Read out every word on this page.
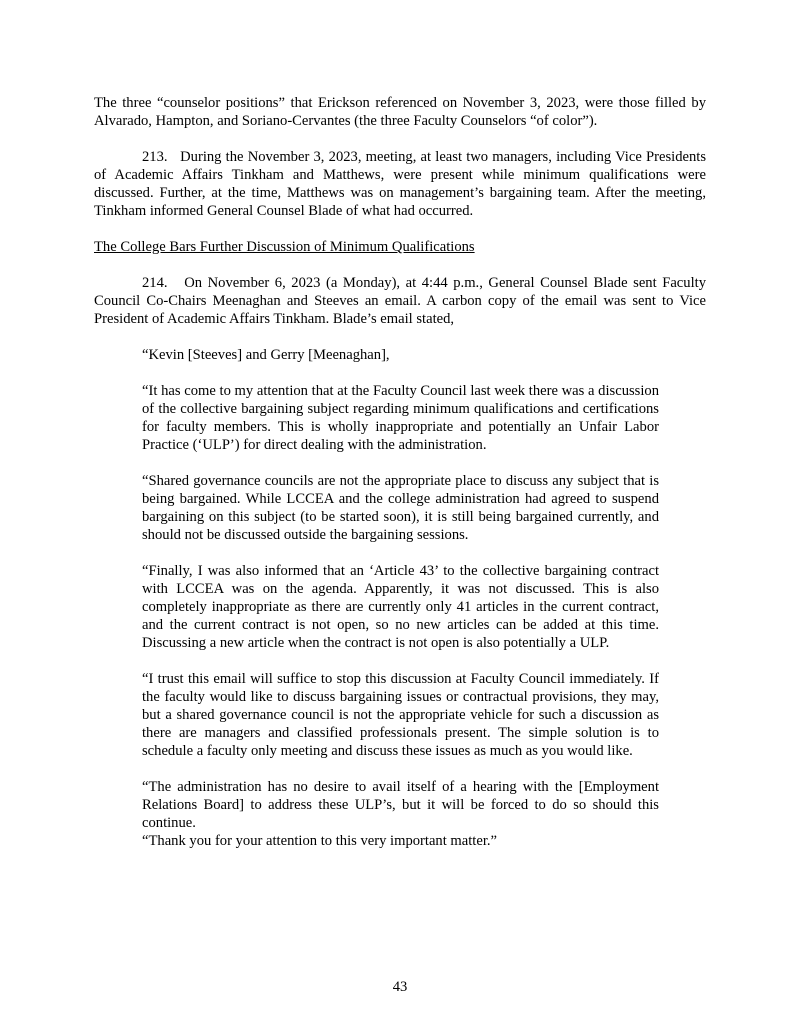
The three “counselor positions” that Erickson referenced on November 3, 2023, were those filled by Alvarado, Hampton, and Soriano-Cervantes (the three Faculty Counselors “of color”).

213.   During the November 3, 2023, meeting, at least two managers, including Vice Presidents of Academic Affairs Tinkham and Matthews, were present while minimum qualifications were discussed. Further, at the time, Matthews was on management’s bargaining team. After the meeting, Tinkham informed General Counsel Blade of what had occurred.

The College Bars Further Discussion of Minimum Qualifications

214.   On November 6, 2023 (a Monday), at 4:44 p.m., General Counsel Blade sent Faculty Council Co-Chairs Meenaghan and Steeves an email. A carbon copy of the email was sent to Vice President of Academic Affairs Tinkham. Blade’s email stated,

“Kevin [Steeves] and Gerry [Meenaghan],

“It has come to my attention that at the Faculty Council last week there was a discussion of the collective bargaining subject regarding minimum qualifications and certifications for faculty members. This is wholly inappropriate and potentially an Unfair Labor Practice (‘ULP’) for direct dealing with the administration.

“Shared governance councils are not the appropriate place to discuss any subject that is being bargained. While LCCEA and the college administration had agreed to suspend bargaining on this subject (to be started soon), it is still being bargained currently, and should not be discussed outside the bargaining sessions.

“Finally, I was also informed that an ‘Article 43’ to the collective bargaining contract with LCCEA was on the agenda. Apparently, it was not discussed. This is also completely inappropriate as there are currently only 41 articles in the current contract, and the current contract is not open, so no new articles can be added at this time. Discussing a new article when the contract is not open is also potentially a ULP.

“I trust this email will suffice to stop this discussion at Faculty Council immediately. If the faculty would like to discuss bargaining issues or contractual provisions, they may, but a shared governance council is not the appropriate vehicle for such a discussion as there are managers and classified professionals present. The simple solution is to schedule a faculty only meeting and discuss these issues as much as you would like.

“The administration has no desire to avail itself of a hearing with the [Employment Relations Board] to address these ULP’s, but it will be forced to do so should this continue.

“Thank you for your attention to this very important matter.”

43
